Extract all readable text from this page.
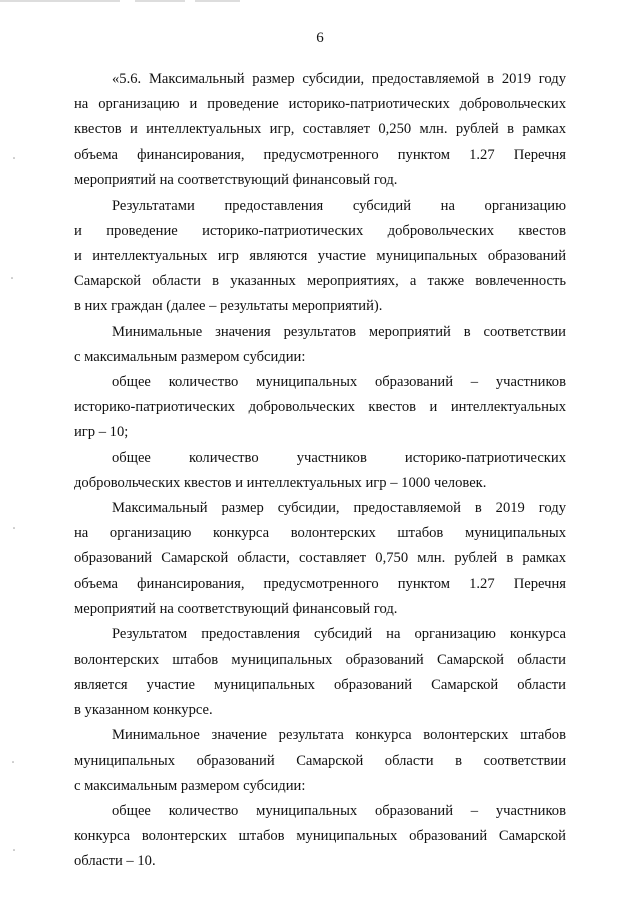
6
«5.6. Максимальный размер субсидии, предоставляемой в 2019 году
на организацию и проведение историко-патриотических добровольческих
квестов и интеллектуальных игр, составляет 0,250 млн. рублей в рамках
объема финансирования, предусмотренного пунктом 1.27 Перечня
мероприятий на соответствующий финансовый год.
Результатами предоставления субсидий на организацию
и проведение историко-патриотических добровольческих квестов
и интеллектуальных игр являются участие муниципальных образований
Самарской области в указанных мероприятиях, а также вовлеченность
в них граждан (далее – результаты мероприятий).
Минимальные значения результатов мероприятий в соответствии
с максимальным размером субсидии:
общее количество муниципальных образований – участников
историко-патриотических добровольческих квестов и интеллектуальных
игр – 10;
общее количество участников историко-патриотических
добровольческих квестов и интеллектуальных игр – 1000 человек.
Максимальный размер субсидии, предоставляемой в 2019 году
на организацию конкурса волонтерских штабов муниципальных
образований Самарской области, составляет 0,750 млн. рублей в рамках
объема финансирования, предусмотренного пунктом 1.27 Перечня
мероприятий на соответствующий финансовый год.
Результатом предоставления субсидий на организацию конкурса
волонтерских штабов муниципальных образований Самарской области
является участие муниципальных образований Самарской области
в указанном конкурсе.
Минимальное значение результата конкурса волонтерских штабов
муниципальных образований Самарской области в соответствии
с максимальным размером субсидии:
общее количество муниципальных образований – участников
конкурса волонтерских штабов муниципальных образований Самарской
области – 10.
